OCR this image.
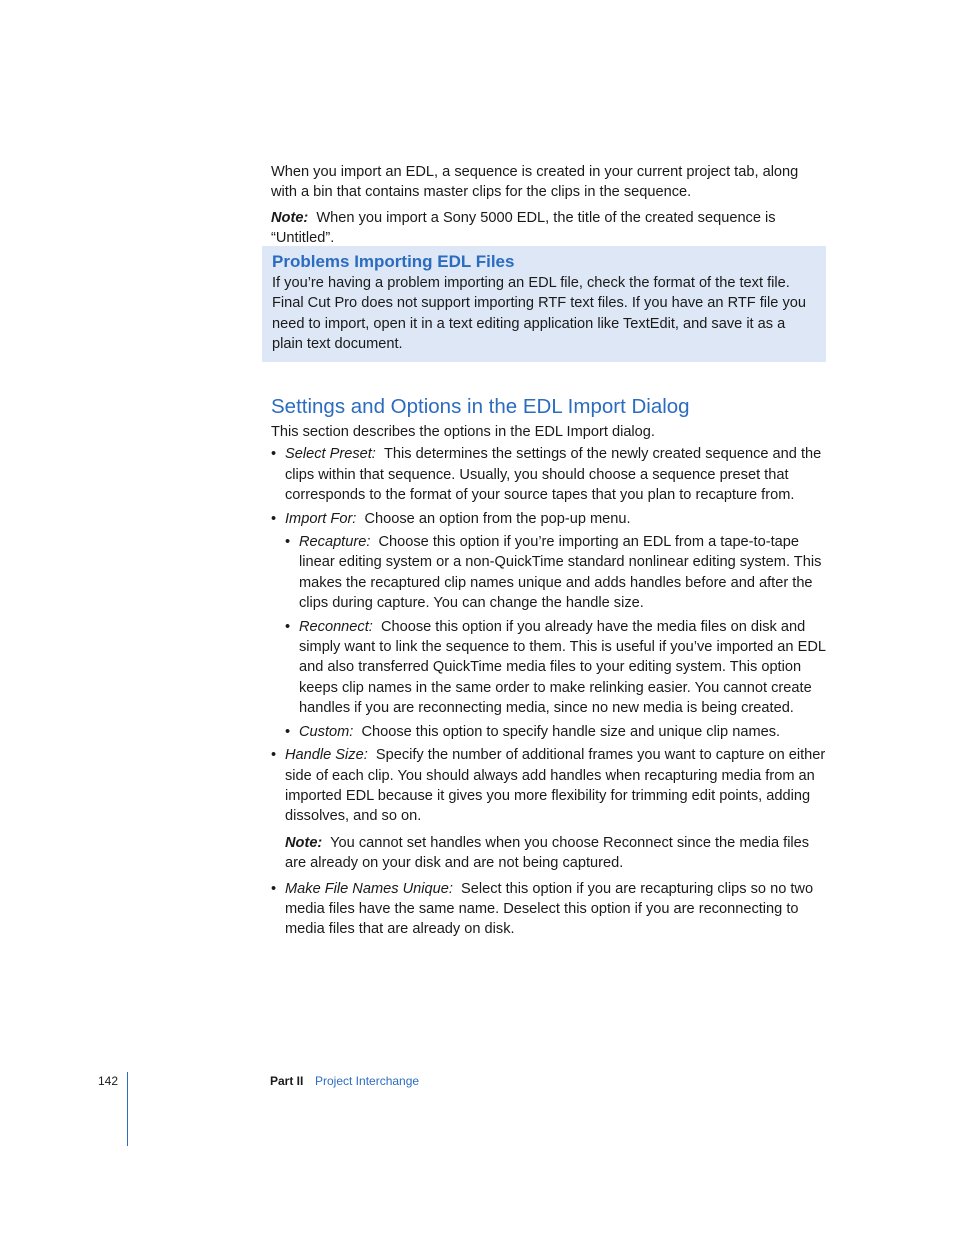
When you import an EDL, a sequence is created in your current project tab, along with a bin that contains master clips for the clips in the sequence.

Note: When you import a Sony 5000 EDL, the title of the created sequence is “Untitled”.

Problems Importing EDL Files

If you’re having a problem importing an EDL file, check the format of the text file. Final Cut Pro does not support importing RTF text files. If you have an RTF file you need to import, open it in a text editing application like TextEdit, and save it as a plain text document.

Settings and Options in the EDL Import Dialog

This section describes the options in the EDL Import dialog.

• Select Preset: This determines the settings of the newly created sequence and the clips within that sequence. Usually, you should choose a sequence preset that corresponds to the format of your source tapes that you plan to recapture from.
• Import For: Choose an option from the pop-up menu.
• Recapture: Choose this option if you’re importing an EDL from a tape-to-tape linear editing system or a non-QuickTime standard nonlinear editing system. This makes the recaptured clip names unique and adds handles before and after the clips during capture. You can change the handle size.
• Reconnect: Choose this option if you already have the media files on disk and simply want to link the sequence to them. This is useful if you’ve imported an EDL and also transferred QuickTime media files to your editing system. This option keeps clip names in the same order to make relinking easier. You cannot create handles if you are reconnecting media, since no new media is being created.
• Custom: Choose this option to specify handle size and unique clip names.
• Handle Size: Specify the number of additional frames you want to capture on either side of each clip. You should always add handles when recapturing media from an imported EDL because it gives you more flexibility for trimming edit points, adding dissolves, and so on.

Note: You cannot set handles when you choose Reconnect since the media files are already on your disk and are not being captured.

• Make File Names Unique: Select this option if you are recapturing clips so no two media files have the same name. Deselect this option if you are reconnecting to media files that are already on disk.
142	Part II Project Interchange
